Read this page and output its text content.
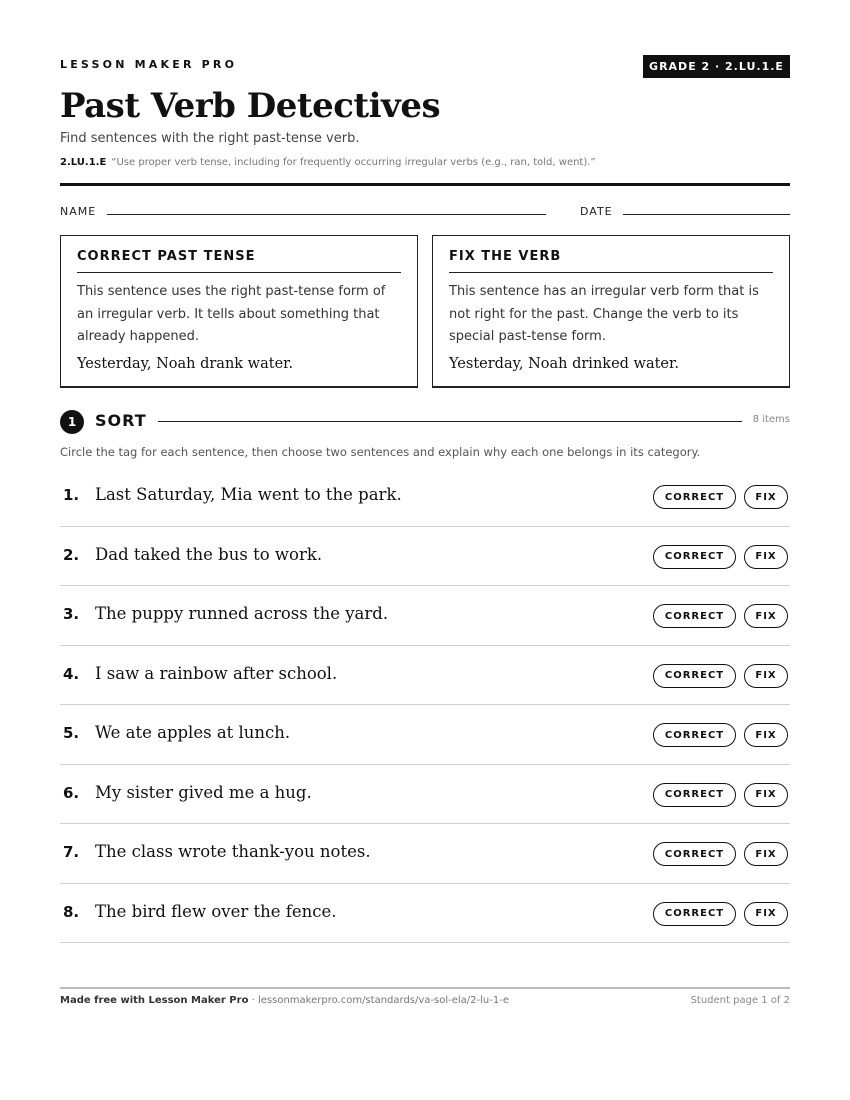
LESSON MAKER PRO	GRADE 2 · 2.LU.1.E
Past Verb Detectives
Find sentences with the right past-tense verb.
2.LU.1.E “Use proper verb tense, including for frequently occurring irregular verbs (e.g., ran, told, went).”
NAME	DATE
CORRECT PAST TENSE
This sentence uses the right past-tense form of an irregular verb. It tells about something that already happened.
Yesterday, Noah drank water.
FIX THE VERB
This sentence has an irregular verb form that is not right for the past. Change the verb to its special past-tense form.
Yesterday, Noah drinked water.
1	SORT	8 items
Circle the tag for each sentence, then choose two sentences and explain why each one belongs in its category.
1. Last Saturday, Mia went to the park.	CORRECT	FIX
2. Dad taked the bus to work.	CORRECT	FIX
3. The puppy runned across the yard.	CORRECT	FIX
4. I saw a rainbow after school.	CORRECT	FIX
5. We ate apples at lunch.	CORRECT	FIX
6. My sister gived me a hug.	CORRECT	FIX
7. The class wrote thank-you notes.	CORRECT	FIX
8. The bird flew over the fence.	CORRECT	FIX
Made free with Lesson Maker Pro · lessonmakerpro.com/standards/va-sol-ela/2-lu-1-e	Student page 1 of 2
